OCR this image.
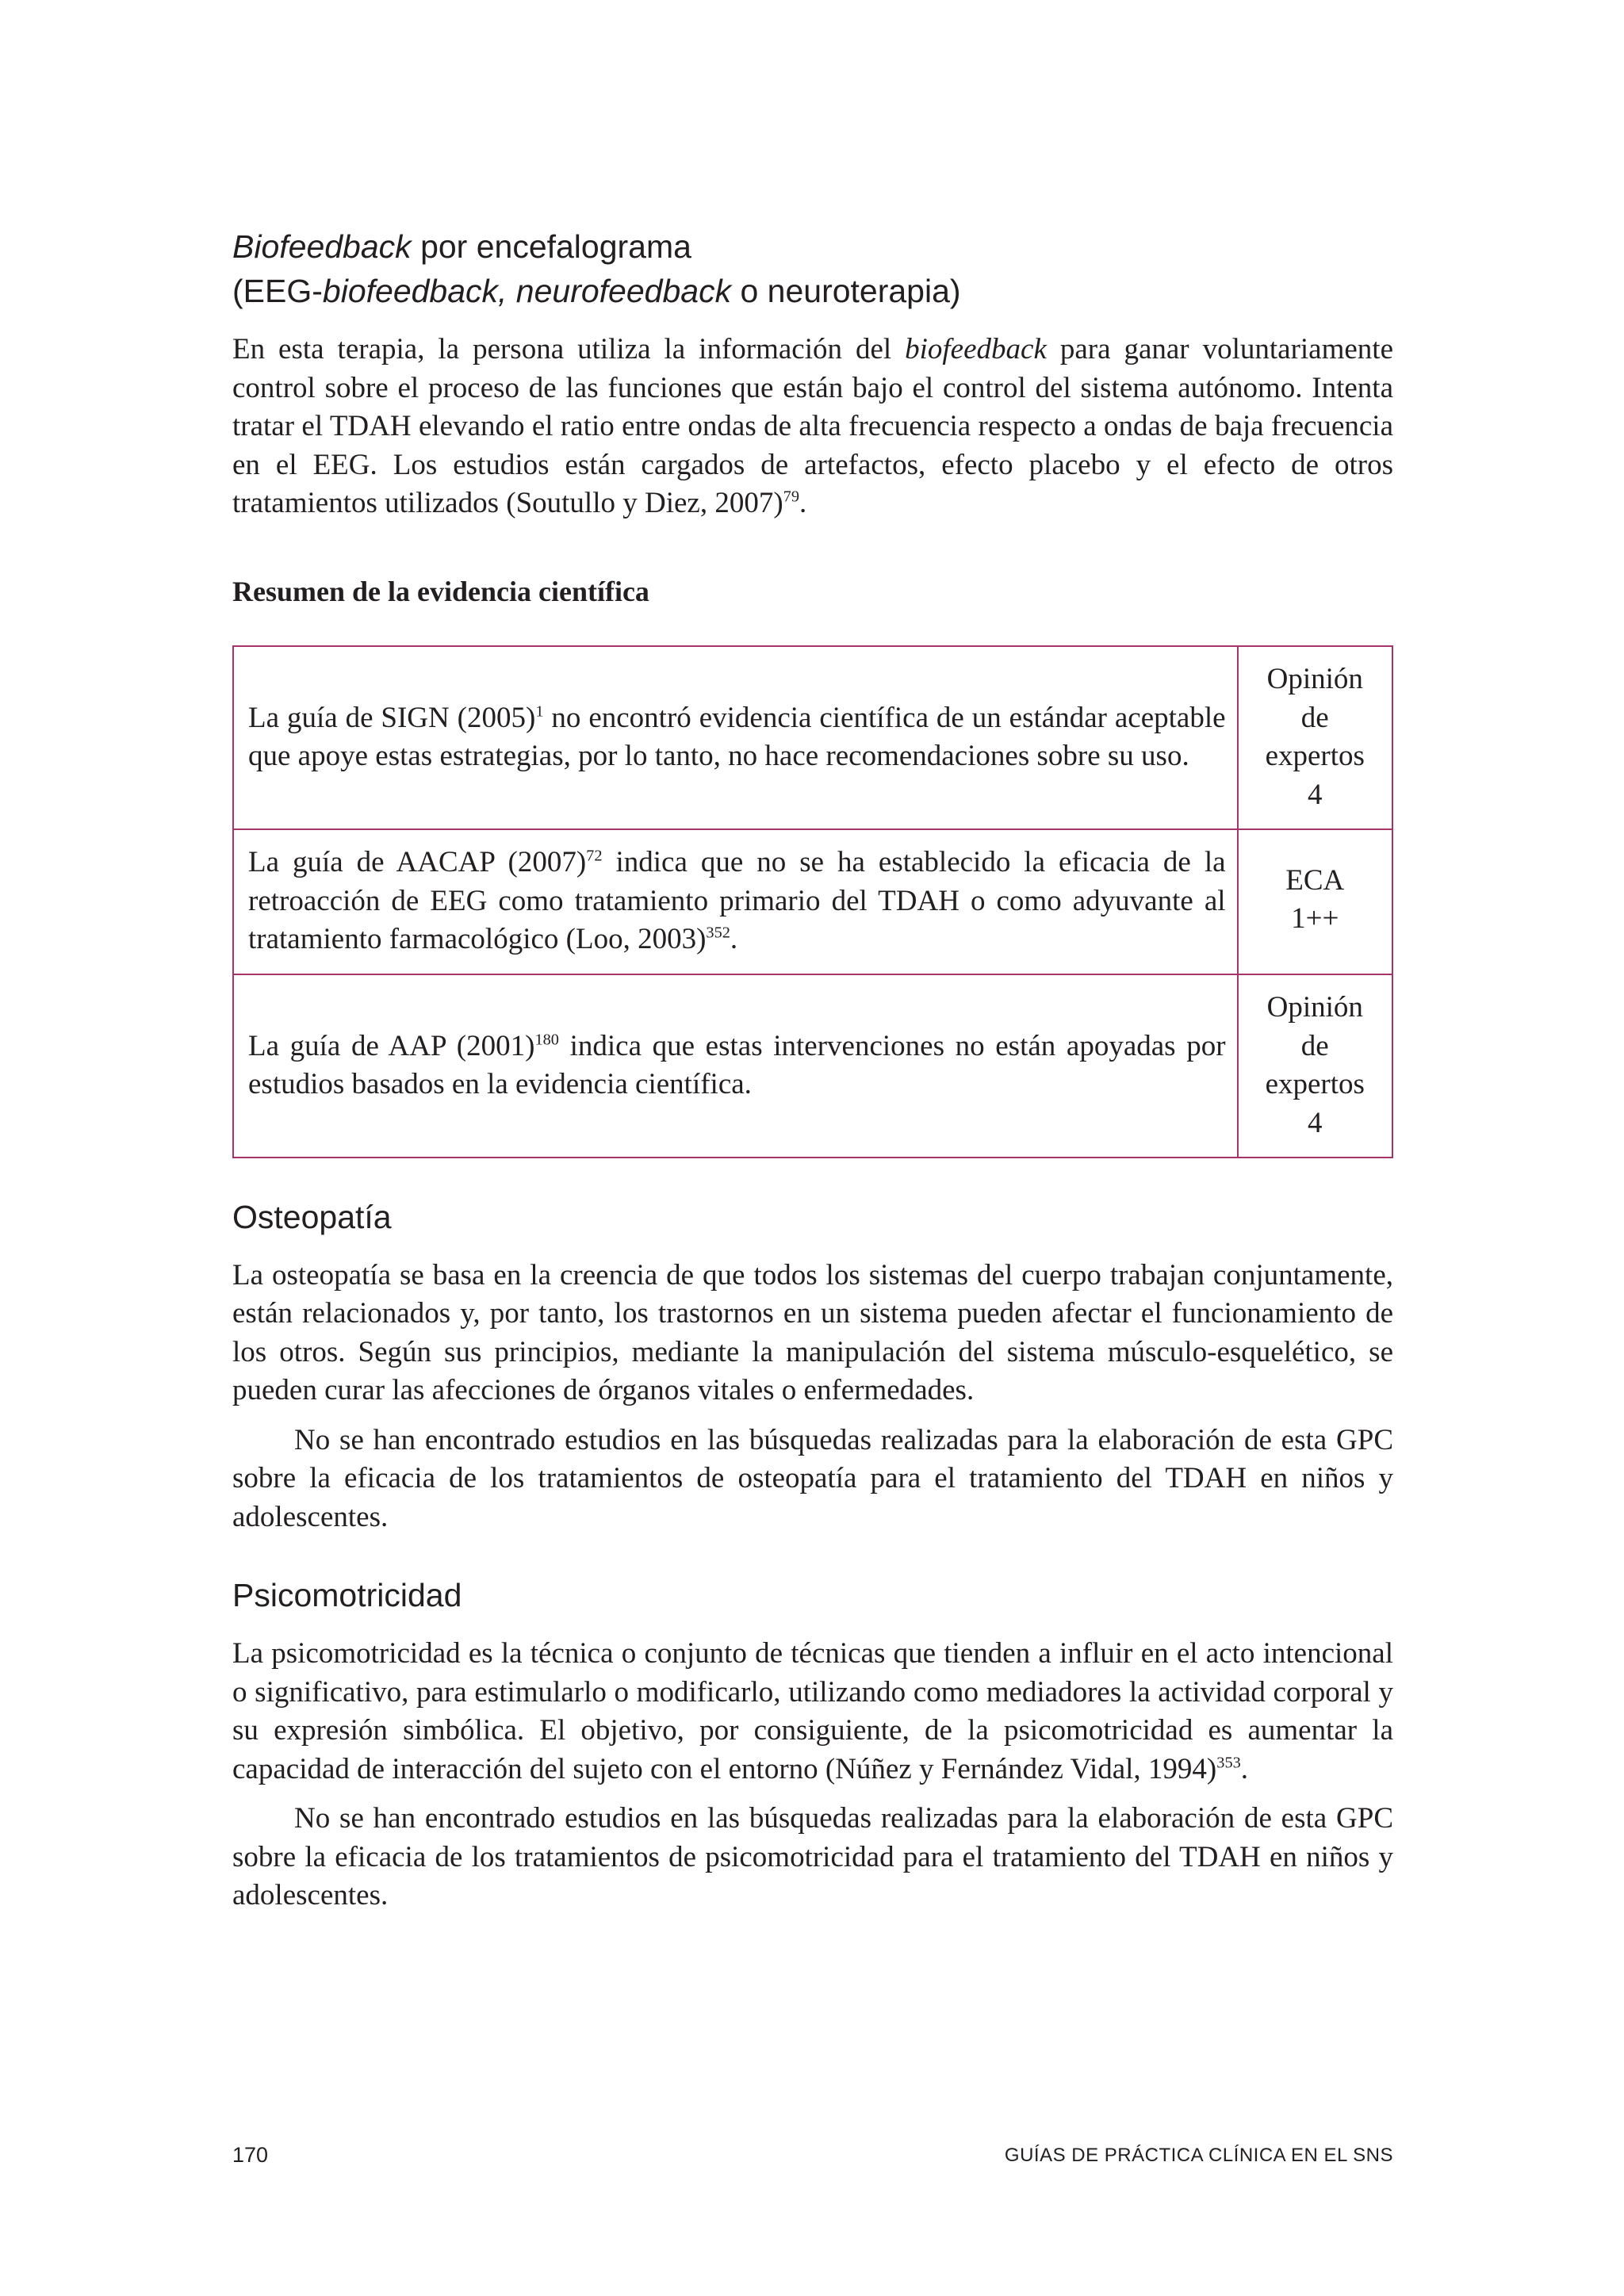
Biofeedback por encefalograma
(EEG-biofeedback, neurofeedback o neuroterapia)

En esta terapia, la persona utiliza la información del biofeedback para ganar voluntariamente control sobre el proceso de las funciones que están bajo el control del sistema autónomo. Intenta tratar el TDAH elevando el ratio entre ondas de alta frecuencia respecto a ondas de baja frecuencia en el EEG. Los estudios están cargados de artefactos, efecto placebo y el efecto de otros tratamientos utilizados (Soutullo y Diez, 2007)$^{79}$.

Resumen de la evidencia científica

La guía de SIGN $(2005)^1$ no encontró evidencia científica de un estándar aceptable que apoye estas estrategias, por lo tanto, no hace recomendaciones sobre su uso.	Opinión
de
expertos
4

La guía de AACAP $(2007)^{72}$ indica que no se ha establecido la eficacia de la retroacción de EEG como tratamiento primario del TDAH o como adyuvante al tratamiento farmacológico (Loo, 2003)$^{352}$.	ECA
1++

La guía de AAP $(2001)^{180}$ indica que estas intervenciones no están apoyadas por estudios basados en la evidencia científica.	Opinión
de
expertos
4
Osteopatía

La osteopatía se basa en la creencia de que todos los sistemas del cuerpo trabajan conjuntamente, están relacionados y, por tanto, los trastornos en un sistema pueden afectar el funcionamiento de los otros. Según sus principios, mediante la manipulación del sistema músculo-esquelético, se pueden curar las afecciones de órganos vitales o enfermedades.

No se han encontrado estudios en las búsquedas realizadas para la elaboración de esta GPC sobre la eficacia de los tratamientos de osteopatía para el tratamiento del TDAH en niños y adolescentes.

Psicomotricidad

La psicomotricidad es la técnica o conjunto de técnicas que tienden a influir en el acto intencional o significativo, para estimularlo o modificarlo, utilizando como mediadores la actividad corporal y su expresión simbólica. El objetivo, por consiguiente, de la psicomotricidad es aumentar la capacidad de interacción del sujeto con el entorno (Núñez y Fernández Vidal, 1994)$^{353}$.

No se han encontrado estudios en las búsquedas realizadas para la elaboración de esta GPC sobre la eficacia de los tratamientos de psicomotricidad para el tratamiento del TDAH en niños y adolescentes.

170	GUÍAS DE PRÁCTICA CLÍNICA EN EL SNS
